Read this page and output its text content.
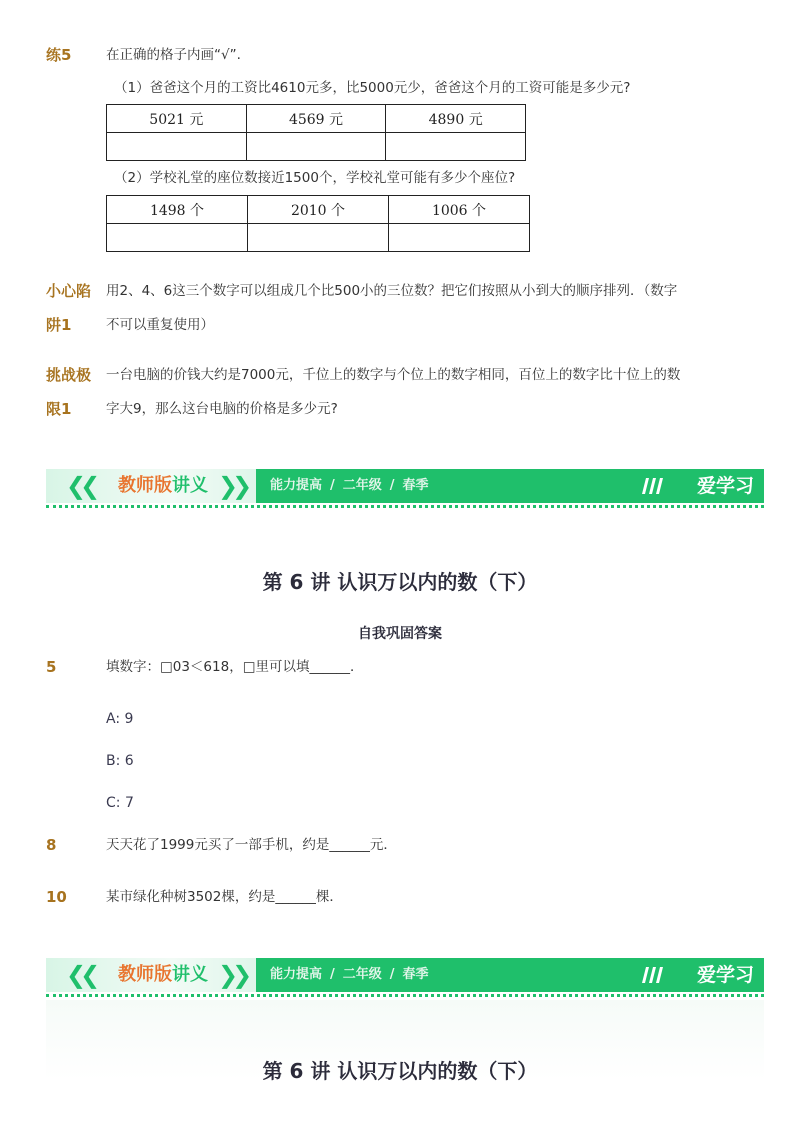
练5	在正确的格子内画“√”.
（1）爸爸这个月的工资比4610元多，比5000元少，爸爸这个月的工资可能是多少元?
5021 元	4569 元	4890 元

（2）学校礼堂的座位数接近1500个，学校礼堂可能有多少个座位?
1498 个	2010 个	1006 个

小心陷
阱1
用2、4、6这三个数字可以组成几个比500小的三位数？把它们按照从小到大的顺序排列．（数字
不可以重复使用）
挑战极
限1
一台电脑的价钱大约是7000元，千位上的数字与个位上的数字相同，百位上的数字比十位上的数
字大9，那么这台电脑的价格是多少元?
❮❮ 教师版讲义 ❯❯	能力提高 / 二年级 / 春季	爱学习
第 6 讲 认识万以内的数（下）
自我巩固答案
5	填数字：□03＜618，□里可以填______．
A: 9
B: 6
C: 7
8	天天花了1999元买了一部手机，约是______元．
10	某市绿化种树3502棵，约是______棵．
❮❮ 教师版讲义 ❯❯	能力提高 / 二年级 / 春季	爱学习
第 6 讲 认识万以内的数（下）
